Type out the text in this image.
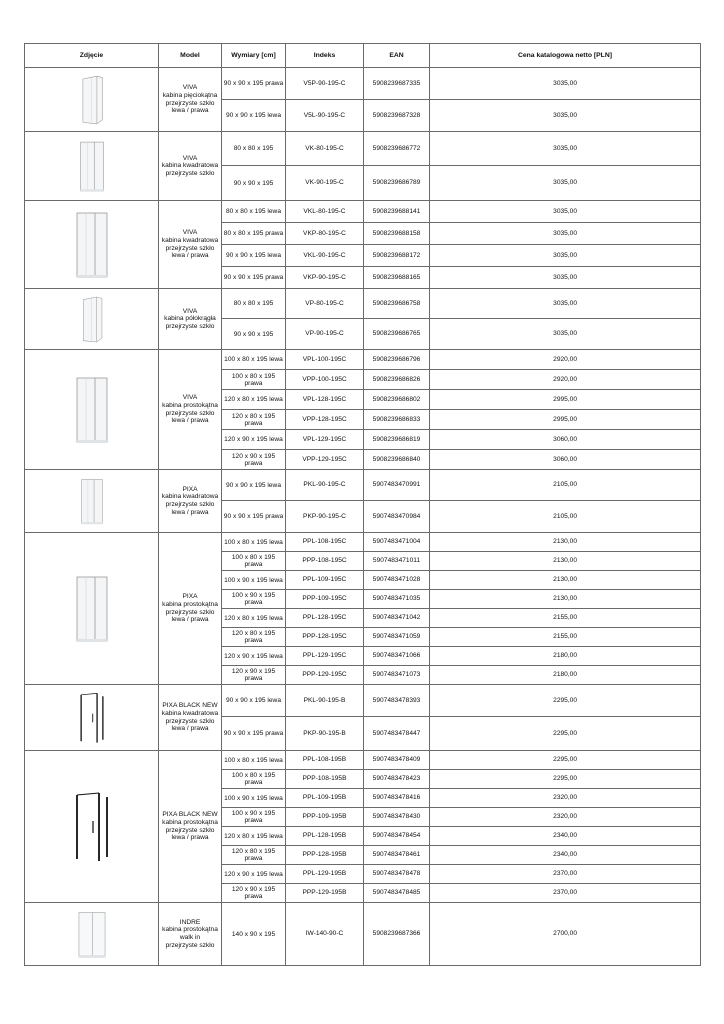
Zdjęcie	Model	Wymiary [cm]	Indeks	EAN	Cena katalogowa netto [PLN]

VIVA
kabina pięciokątna
przejrzyste szkło
lewa / prawa	90 x 90 x 195 prawa	V5P-90-195-C	5908239687335	3035,00
		90 x 90 x 195 lewa	V5L-90-195-C	5908239687328	3035,00

VIVA
kabina kwadratowa
przejrzyste szkło	80 x 80 x 195	VK-80-195-C	5908239686772	3035,00
		90 x 90 x 195	VK-90-195-C	5908239686789	3035,00

VIVA
kabina kwadratowa
przejrzyste szkło
lewa / prawa	80 x 80 x 195 lewa	VKL-80-195-C	5908239688141	3035,00
		80 x 80 x 195 prawa	VKP-80-195-C	5908239688158	3035,00
		90 x 90 x 195 lewa	VKL-90-195-C	5908239688172	3035,00
		90 x 90 x 195 prawa	VKP-90-195-C	5908239688165	3035,00

VIVA
kabina półokrągła
przejrzyste szkło	80 x 80 x 195	VP-80-195-C	5908239686758	3035,00
		90 x 90 x 195	VP-90-195-C	5908239686765	3035,00

VIVA
kabina prostokątna
przejrzyste szkło
lewa / prawa	100 x 80 x 195 lewa	VPL-100-195C	5908239686796	2920,00
		100 x 80 x 195 prawa	VPP-100-195C	5908239686826	2920,00
		120 x 80 x 195 lewa	VPL-128-195C	5908239686802	2995,00
		120 x 80 x 195 prawa	VPP-128-195C	5908239686833	2995,00
		120 x 90 x 195 lewa	VPL-129-195C	5908239686819	3060,00
		120 x 90 x 195 prawa	VPP-129-195C	5908239686840	3060,00

PIXA
kabina kwadratowa
przejrzyste szkło
lewa / prawa	90 x 90 x 195 lewa	PKL-90-195-C	5907483470991	2105,00
		90 x 90 x 195 prawa	PKP-90-195-C	5907483470984	2105,00

PIXA
kabina prostokątna
przejrzyste szkło
lewa / prawa	100 x 80 x 195 lewa	PPL-108-195C	5907483471004	2130,00
		100 x 80 x 195 prawa	PPP-108-195C	5907483471011	2130,00
		100 x 90 x 195 lewa	PPL-109-195C	5907483471028	2130,00
		100 x 90 x 195 prawa	PPP-109-195C	5907483471035	2130,00
		120 x 80 x 195 lewa	PPL-128-195C	5907483471042	2155,00
		120 x 80 x 195 prawa	PPP-128-195C	5907483471059	2155,00
		120 x 90 x 195 lewa	PPL-129-195C	5907483471066	2180,00
		120 x 90 x 195 prawa	PPP-129-195C	5907483471073	2180,00

PIXA BLACK NEW
kabina kwadratowa
przejrzyste szkło
lewa / prawa	90 x 90 x 195 lewa	PKL-90-195-B	5907483478393	2295,00
		90 x 90 x 195 prawa	PKP-90-195-B	5907483478447	2295,00

PIXA BLACK NEW
kabina prostokątna
przejrzyste szkło
lewa / prawa	100 x 80 x 195 lewa	PPL-108-195B	5907483478409	2295,00
		100 x 80 x 195 prawa	PPP-108-195B	5907483478423	2295,00
		100 x 90 x 195 lewa	PPL-109-195B	5907483478416	2320,00
		100 x 90 x 195 prawa	PPP-109-195B	5907483478430	2320,00
		120 x 80 x 195 lewa	PPL-128-195B	5907483478454	2340,00
		120 x 80 x 195 prawa	PPP-128-195B	5907483478461	2340,00
		120 x 90 x 195 lewa	PPL-129-195B	5907483478478	2370,00
		120 x 90 x 195 prawa	PPP-129-195B	5907483478485	2370,00

INDRE
kabina prostokątna
walk in
przejrzyste szkło	140 x 90 x 195	IW-140-90-C	5908239687366	2700,00
